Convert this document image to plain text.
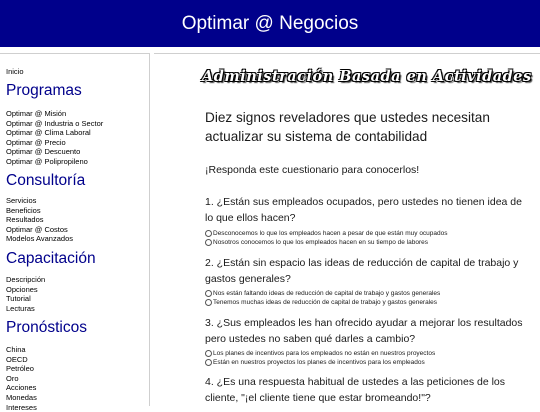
Optimar @ Negocios
Inicio
Programas
Optimar @ Misión
Optimar @ Industria o Sector
Optimar @ Clima Laboral
Optimar @ Precio
Optimar @ Descuento
Optimar @ Polipropileno
Consultoría
Servicios
Beneficios
Resultados
Optimar @ Costos
Modelos Avanzados
Capacitación
Descripción
Opciones
Tutorial
Lecturas
Pronósticos
China
OECD
Petróleo
Oro
Acciones
Monedas
Intereses
Administración Basada en Actividades
Diez signos reveladores que ustedes necesitan actualizar su sistema de contabilidad
¡Responda este cuestionario para conocerlos!
1. ¿Están sus empleados ocupados, pero ustedes no tienen idea de lo que ellos hacen?
Desconocemos lo que los empleados hacen a pesar de que están muy ocupados
Nosotros conocemos lo que los empleados hacen en su tiempo de labores
2. ¿Están sin espacio las ideas de reducción de capital de trabajo y gastos generales?
Nos están faltando ideas de reducción de capital de trabajo y gastos generales
Tenemos muchas ideas de reducción de capital de trabajo y gastos generales
3. ¿Sus empleados les han ofrecido ayudar a mejorar los resultados pero ustedes no saben qué darles a cambio?
Los planes de incentivos para los empleados no están en nuestros proyectos
Están en nuestros proyectos los planes de incentivos para los empleados
4. ¿Es una respuesta habitual de ustedes a las peticiones de los cliente, "¡el cliente tiene que estar bromeando!"?
